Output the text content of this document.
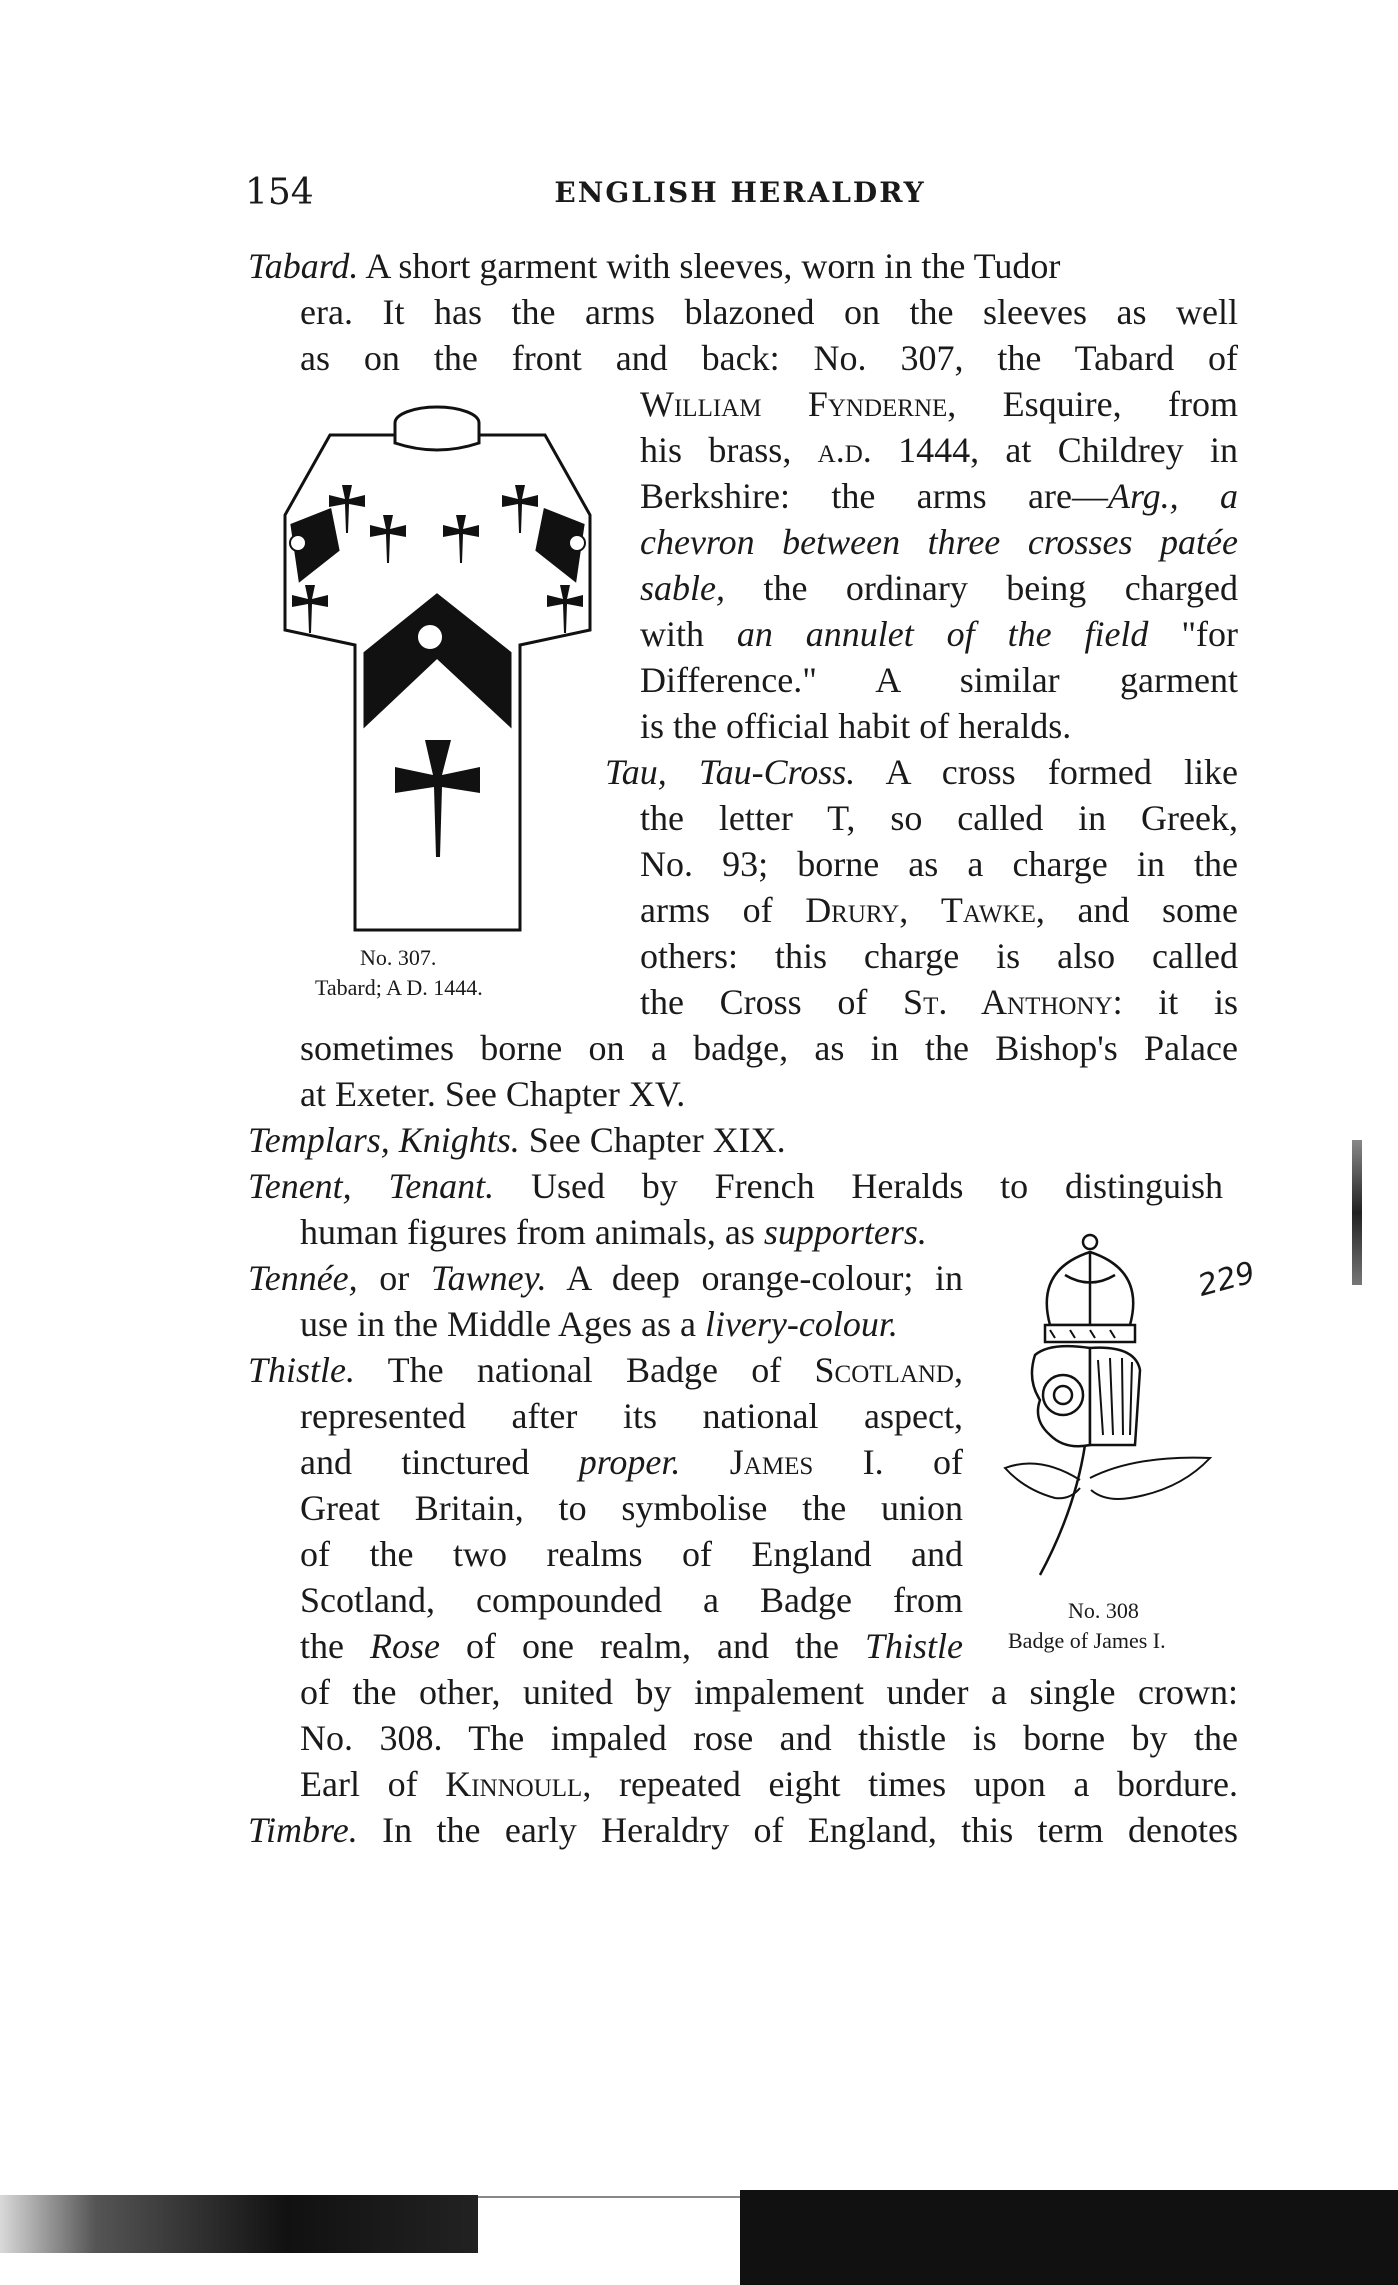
154	ENGLISH HERALDRY
No. 307.
Tabard; A D. 1444.
No. 308
Badge of James I.
229
Tabard. A short garment with sleeves, worn in the Tudor
era. It has the arms blazoned on the sleeves as well
as on the front and back: No. 307, the Tabard of
William Fynderne, Esquire, from
his brass, a.d. 1444, at Childrey in
Berkshire: the arms are—Arg., a
chevron between three crosses patée
sable, the ordinary being charged
with an annulet of the field "for
Difference." A similar garment
is the official habit of heralds.
Tau, Tau-Cross. A cross formed like
the letter T, so called in Greek,
No. 93; borne as a charge in the
arms of Drury, Tawke, and some
others: this charge is also called
the Cross of St. Anthony: it is
sometimes borne on a badge, as in the Bishop's Palace
at Exeter. See Chapter XV.
Templars, Knights. See Chapter XIX.
Tenent, Tenant. Used by French Heralds to distinguish
human figures from animals, as supporters.
Tennée, or Tawney. A deep orange-colour; in
use in the Middle Ages as a livery-colour.
Thistle. The national Badge of Scotland,
represented after its national aspect,
and tinctured proper. James I. of
Great Britain, to symbolise the union
of the two realms of England and
Scotland, compounded a Badge from
the Rose of one realm, and the Thistle
of the other, united by impalement under a single crown:
No. 308. The impaled rose and thistle is borne by the
Earl of Kinnoull, repeated eight times upon a bordure.
Timbre. In the early Heraldry of England, this term denotes
